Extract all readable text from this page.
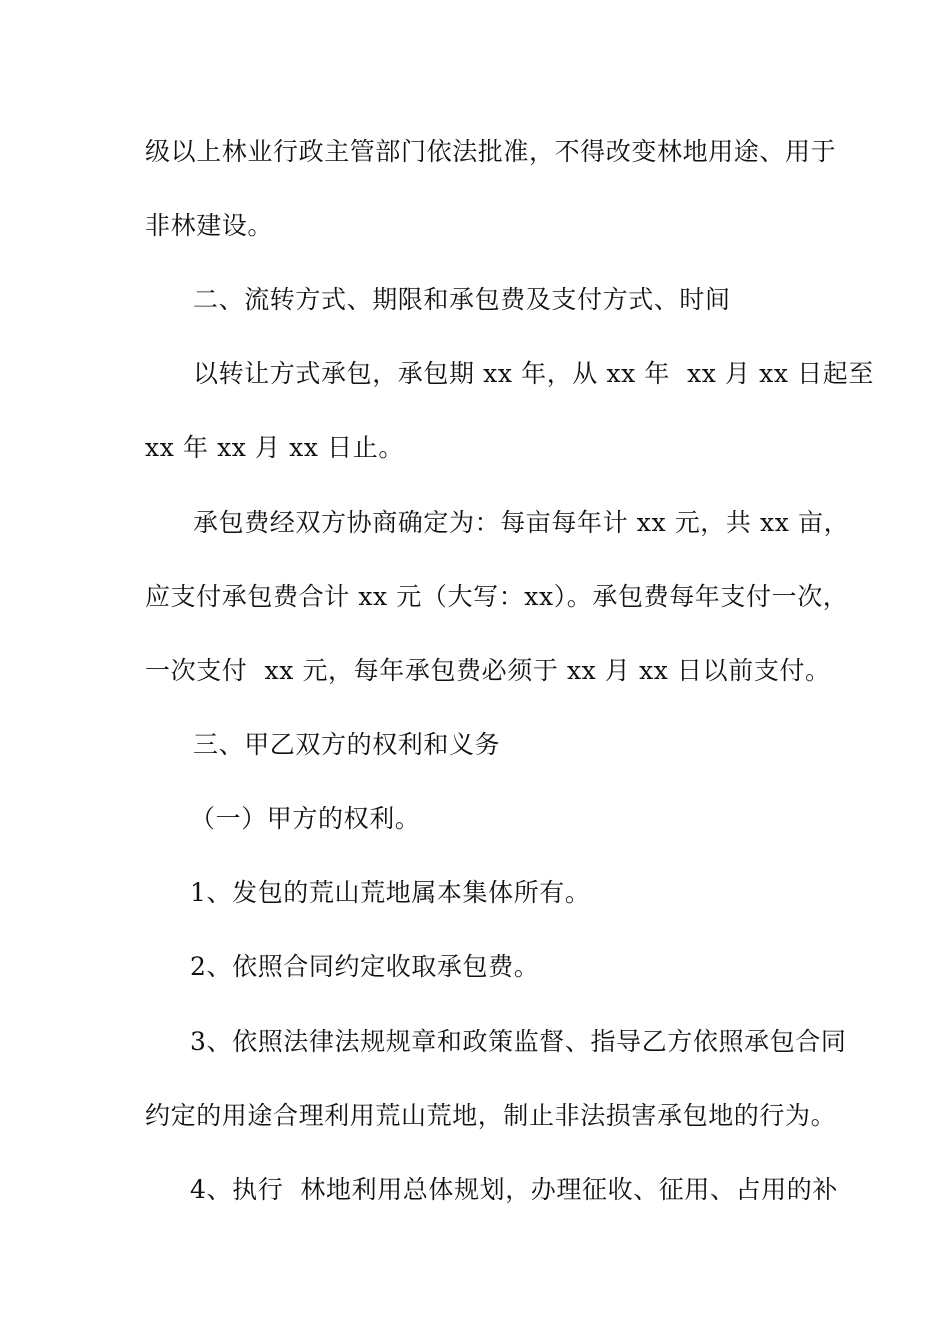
级以上林业行政主管部门依法批准，不得改变林地用途、用于
非林建设。
二、流转方式、期限和承包费及支付方式、时间
以转让方式承包，承包期 xx 年，从 xx 年  xx 月 xx 日起至
xx 年 xx 月 xx 日止。
承包费经双方协商确定为：每亩每年计 xx 元，共 xx 亩，
应支付承包费合计 xx 元（大写：xx）。承包费每年支付一次，
一次支付  xx 元，每年承包费必须于 xx 月 xx 日以前支付。
三、甲乙双方的权利和义务
（一）甲方的权利。
1、发包的荒山荒地属本集体所有。
2、依照合同约定收取承包费。
3、依照法律法规规章和政策监督、指导乙方依照承包合同
约定的用途合理利用荒山荒地，制止非法损害承包地的行为。
4、执行  林地利用总体规划，办理征收、征用、占用的补
